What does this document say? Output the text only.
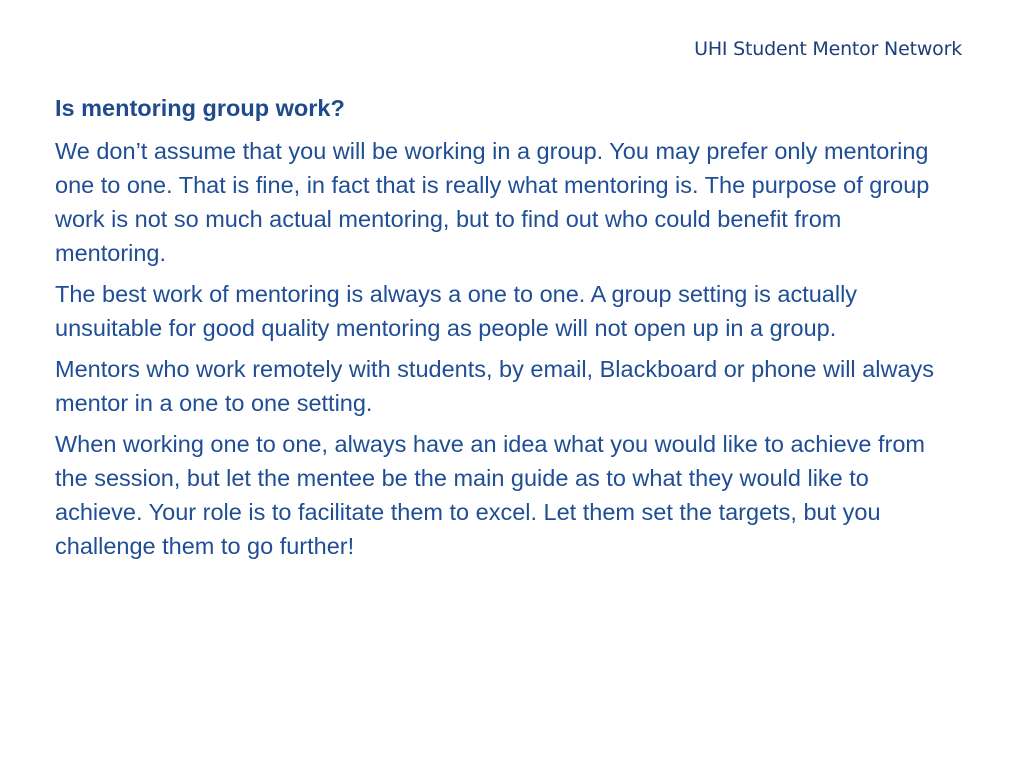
UHI Student Mentor Network

Is mentoring group work?

We don’t assume that you will be working in a group. You may prefer only mentoring one to one. That is fine, in fact that is really what mentoring is. The purpose of group work is not so much actual mentoring, but to find out who could benefit from mentoring.

The best work of mentoring is always a one to one. A group setting is actually unsuitable for good quality mentoring as people will not open up in a group.

Mentors who work remotely with students, by email, Blackboard or phone will always mentor in a one to one setting.

When working one to one, always have an idea what you would like to achieve from the session, but let the mentee be the main guide as to what they would like to achieve. Your role is to facilitate them to excel. Let them set the targets, but you challenge them to go further!
